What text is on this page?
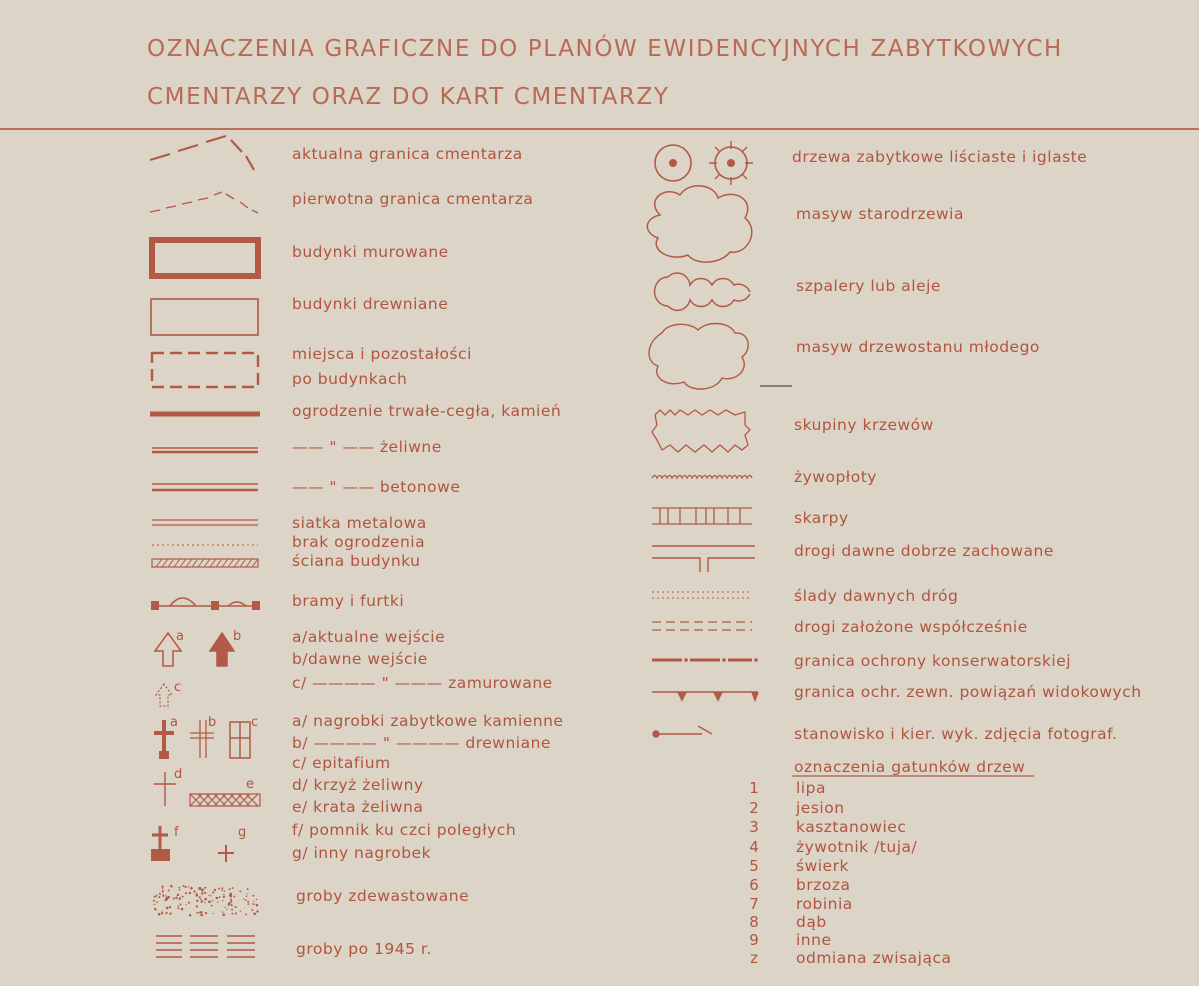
OZNACZENIA GRAFICZNE DO PLANÓW EWIDENCYJNYCH ZABYTKOWYCH
CMENTARZY ORAZ DO KART CMENTARZY
a	b
c
a b	c
d
e
f	g
aktualna granica cmentarza
pierwotna granica cmentarza
budynki murowane
budynki drewniane
miejsca i pozostałości
po budynkach
ogrodzenie trwałe-cegła, kamień
—— " —— żeliwne
—— " —— betonowe
siatka metalowa
brak ogrodzenia
ściana budynku
bramy i furtki
a/aktualne wejście
b/dawne wejście
c/ ———— " ——— zamurowane
a/ nagrobki zabytkowe kamienne
b/ ———— " ———— drewniane
c/ epitafium
d/ krzyż żeliwny
e/ krata żeliwna
f/ pomnik ku czci poległych
g/ inny nagrobek
groby zdewastowane
groby po 1945 r.
drzewa zabytkowe liściaste i iglaste
masyw starodrzewia
szpalery lub aleje
masyw drzewostanu młodego
skupiny krzewów
żywopłoty
skarpy
drogi dawne dobrze zachowane
ślady dawnych dróg
drogi założone współcześnie
granica ochrony konserwatorskiej
granica ochr. zewn. powiązań widokowych
stanowisko i kier. wyk. zdjęcia fotograf.
oznaczenia gatunków drzew
1 lipa
2 jesion
3 kasztanowiec
4 żywotnik /tuja/
5 świerk
6 brzoza
7 robinia
8 dąb
9 inne
z	odmiana zwisająca
